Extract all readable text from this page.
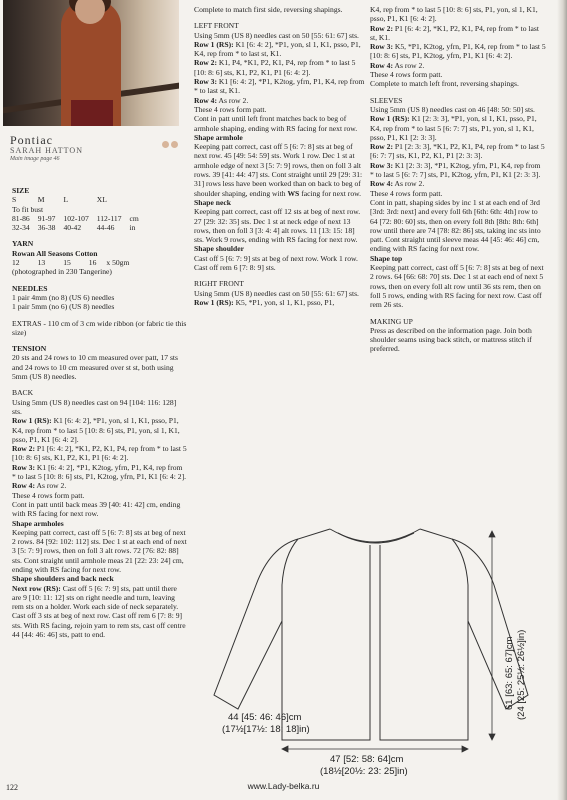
Pontiac
SARAH HATTON
Main image page 46

SIZE

S	M	L	XL	
To fit bust				
81-86	91-97	102-107	112-117	cm
32-34	36-38	40-42	44-46	in

YARN

Rowan All Seasons Cotton

12	13	15	16	x 50gm

(photographed in 230 Tangerine)

NEEDLES

1 pair 4mm (no 8) (US 6) needles

1 pair 5mm (no 6) (US 8) needles

EXTRAS - 110 cm of 3 cm wide ribbon (or fabric tie this size)

TENSION

20 sts and 24 rows to 10 cm measured over patt, 17 sts and 24 rows to 10 cm measured over st st, both using 5mm (US 8) needles.

BACK

Using 5mm (US 8) needles cast on 94 [104: 116: 128] sts.

Row 1 (RS): K1 [6: 4: 2], *P1, yon, sl 1, K1, psso, P1, K4, rep from * to last 5 [10: 8: 6] sts, P1, yon, sl 1, K1, psso, P1, K1 [6: 4: 2].

Row 2: P1 [6: 4: 2], *K1, P2, K1, P4, rep from * to last 5 [10: 8: 6] sts, K1, P2, K1, P1 [6: 4: 2].

Row 3: K1 [6: 4: 2], *P1, K2tog, yfrn, P1, K4, rep from * to last 5 [10: 8: 6] sts, P1, K2tog, yfrn, P1, K1 [6: 4: 2].

Row 4: As row 2.

These 4 rows form patt.

Cont in patt until back meas 39 [40: 41: 42] cm, ending with RS facing for next row.

Shape armholes

Keeping patt correct, cast off 5 [6: 7: 8] sts at beg of next 2 rows. 84 [92: 102: 112] sts. Dec 1 st at each end of next 3 [5: 7: 9] rows, then on foll 3 alt rows. 72 [76: 82: 88] sts. Cont straight until armhole meas 21 [22: 23: 24] cm, ending with RS facing for next row.

Shape shoulders and back neck

Next row (RS): Cast off 5 [6: 7: 9] sts, patt until there are 9 [10: 11: 12] sts on right needle and turn, leaving rem sts on a holder. Work each side of neck separately. Cast off 3 sts at beg of next row. Cast off rem 6 [7: 8: 9] sts. With RS facing, rejoin yarn to rem sts, cast off centre 44 [44: 46: 46] sts, patt to end.

Complete to match first side, reversing shapings.

LEFT FRONT

Using 5mm (US 8) needles cast on 50 [55: 61: 67] sts.

Row 1 (RS): K1 [6: 4: 2], *P1, yon, sl 1, K1, psso, P1, K4, rep from * to last st, K1.

Row 2: K1, P4, *K1, P2, K1, P4, rep from * to last 5 [10: 8: 6] sts, K1, P2, K1, P1 [6: 4: 2].

Row 3: K1 [6: 4: 2], *P1, K2tog, yfrn, P1, K4, rep from * to last st, K1.

Row 4: As row 2.

These 4 rows form patt.

Cont in patt until left front matches back to beg of armhole shaping, ending with RS facing for next row.

Shape armhole

Keeping patt correct, cast off 5 [6: 7: 8] sts at beg of next row. 45 [49: 54: 59] sts. Work 1 row. Dec 1 st at armhole edge of next 3 [5: 7: 9] rows, then on foll 3 alt rows. 39 [41: 44: 47] sts. Cont straight until 29 [29: 31: 31] rows less have been worked than on back to beg of shoulder shaping, ending with WS facing for next row.

Shape neck

Keeping patt correct, cast off 12 sts at beg of next row. 27 [29: 32: 35] sts. Dec 1 st at neck edge of next 13 rows, then on foll 3 [3: 4: 4] alt rows. 11 [13: 15: 18] sts. Work 9 rows, ending with RS facing for next row.

Shape shoulder

Cast off 5 [6: 7: 9] sts at beg of next row. Work 1 row. Cast off rem 6 [7: 8: 9] sts.

RIGHT FRONT

Using 5mm (US 8) needles cast on 50 [55: 61: 67] sts.

Row 1 (RS): K5, *P1, yon, sl 1, K1, psso, P1,

K4, rep from * to last 5 [10: 8: 6] sts, P1, yon, sl 1, K1, psso, P1, K1 [6: 4: 2].

Row 2: P1 [6: 4: 2], *K1, P2, K1, P4, rep from * to last st, K1.

Row 3: K5, *P1, K2tog, yfrn, P1, K4, rep from * to last 5 [10: 8: 6] sts, P1, K2tog, yfrn, P1, K1 [6: 4: 2].

Row 4: As row 2.

These 4 rows form patt.

Complete to match left front, reversing shapings.

SLEEVES

Using 5mm (US 8) needles cast on 46 [48: 50: 50] sts.

Row 1 (RS): K1 [2: 3: 3], *P1, yon, sl 1, K1, psso, P1, K4, rep from * to last 5 [6: 7: 7] sts, P1, yon, sl 1, K1, psso, P1, K1 [2: 3: 3].

Row 2: P1 [2: 3: 3], *K1, P2, K1, P4, rep from * to last 5 [6: 7: 7] sts, K1, P2, K1, P1 [2: 3: 3].

Row 3: K1 [2: 3: 3], *P1, K2tog, yfrn, P1, K4, rep from * to last 5 [6: 7: 7] sts, P1, K2tog, yfrn, P1, K1 [2: 3: 3].

Row 4: As row 2.

These 4 rows form patt.

Cont in patt, shaping sides by inc 1 st at each end of 3rd [3rd: 3rd: next] and every foll 6th [6th: 6th: 4th] row to 64 [72: 80: 60] sts, then on every foll 8th [8th: 8th: 6th] row until there are 74 [78: 82: 86] sts, taking inc sts into patt. Cont straight until sleeve meas 44 [45: 46: 46] cm, ending with RS facing for next row.

Shape top

Keeping patt correct, cast off 5 [6: 7: 8] sts at beg of next 2 rows. 64 [66: 68: 70] sts. Dec 1 st at each end of next 5 rows, then on every foll alt row until 36 sts rem, then on foll 5 rows, ending with RS facing for next row. Cast off rem 26 sts.

MAKING UP

Press as described on the information page. Join both shoulder seams using back stitch, or mattress stitch if preferred.

44 [45: 46: 46]cm
(17½[17½: 18: 18]in)
47 [52: 58: 64]cm
(18½[20½: 23: 25]in)
61 [63: 65: 67]cm (24 [25: 25½: 26½]in)
122	www.Lady-belka.ru
